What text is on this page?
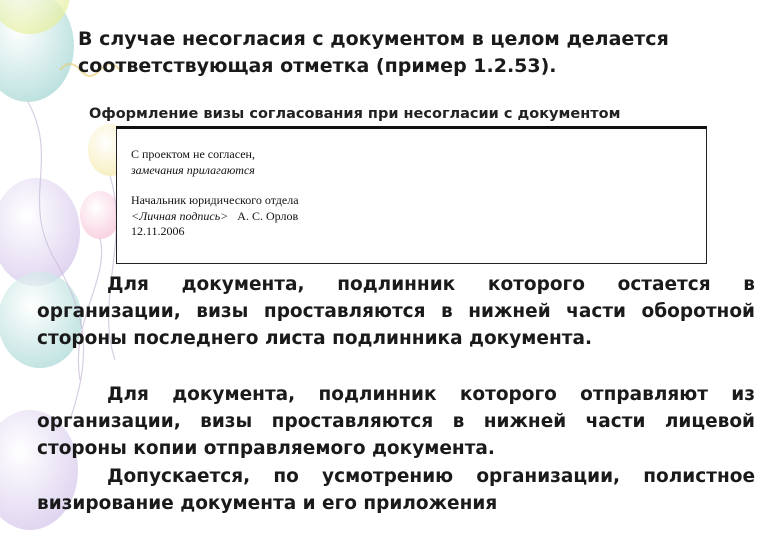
В случае несогласия с документом в целом делается соответствующая отметка (пример 1.2.53).
Оформление визы согласования при несогласии с документом
С проектом не согласен,
замечания прилагаются
Начальник юридического отдела
<Личная подпись> А. С. Орлов
12.11.2006
Для документа, подлинник которого остается в организации, визы проставляются в нижней части оборотной стороны последнего листа подлинника документа.
Для документа, подлинник которого отправляют из организации, визы проставляются в нижней части лицевой стороны копии отправляемого документа.
Допускается, по усмотрению организации, полистное визирование документа и его приложения
